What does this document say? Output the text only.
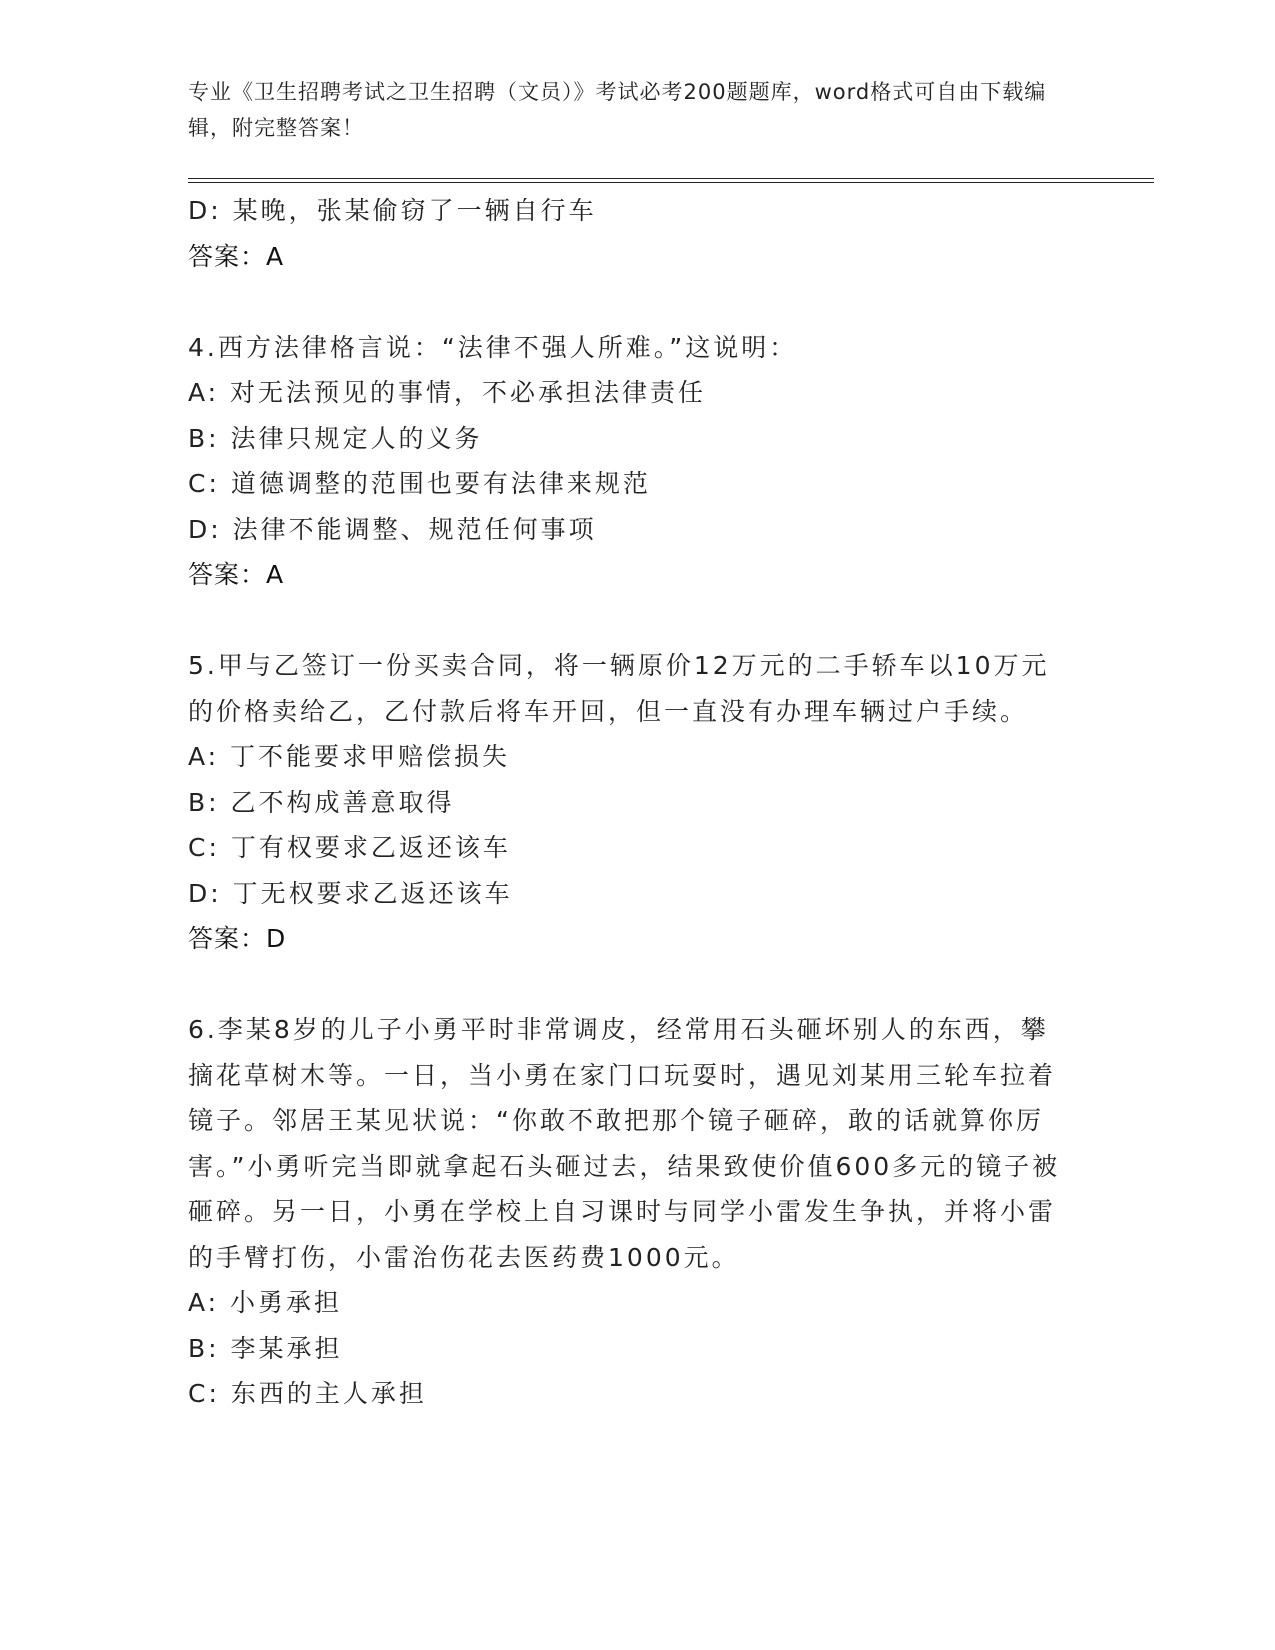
专业《卫生招聘考试之卫生招聘（文员）》考试必考200题题库，word格式可自由下载编辑，附完整答案！
D: 某晚，张某偷窃了一辆自行车
答案：A
4.西方法律格言说：“法律不强人所难。”这说明：
A: 对无法预见的事情，不必承担法律责任
B: 法律只规定人的义务
C: 道德调整的范围也要有法律来规范
D: 法律不能调整、规范任何事项
答案：A
5.甲与乙签订一份买卖合同，将一辆原价12万元的二手轿车以10万元的价格卖给乙，乙付款后将车开回，但一直没有办理车辆过户手续。
A: 丁不能要求甲赔偿损失
B: 乙不构成善意取得
C: 丁有权要求乙返还该车
D: 丁无权要求乙返还该车
答案：D
6.李某8岁的儿子小勇平时非常调皮，经常用石头砸坏别人的东西，攀摘花草树木等。一日，当小勇在家门口玩耍时，遇见刘某用三轮车拉着镜子。邻居王某见状说：“你敢不敢把那个镜子砸碎，敢的话就算你厉害。”小勇听完当即就拿起石头砸过去，结果致使价值600多元的镜子被砸碎。另一日，小勇在学校上自习课时与同学小雷发生争执，并将小雷的手臂打伤，小雷治伤花去医药费1000元。
A: 小勇承担
B: 李某承担
C: 东西的主人承担
